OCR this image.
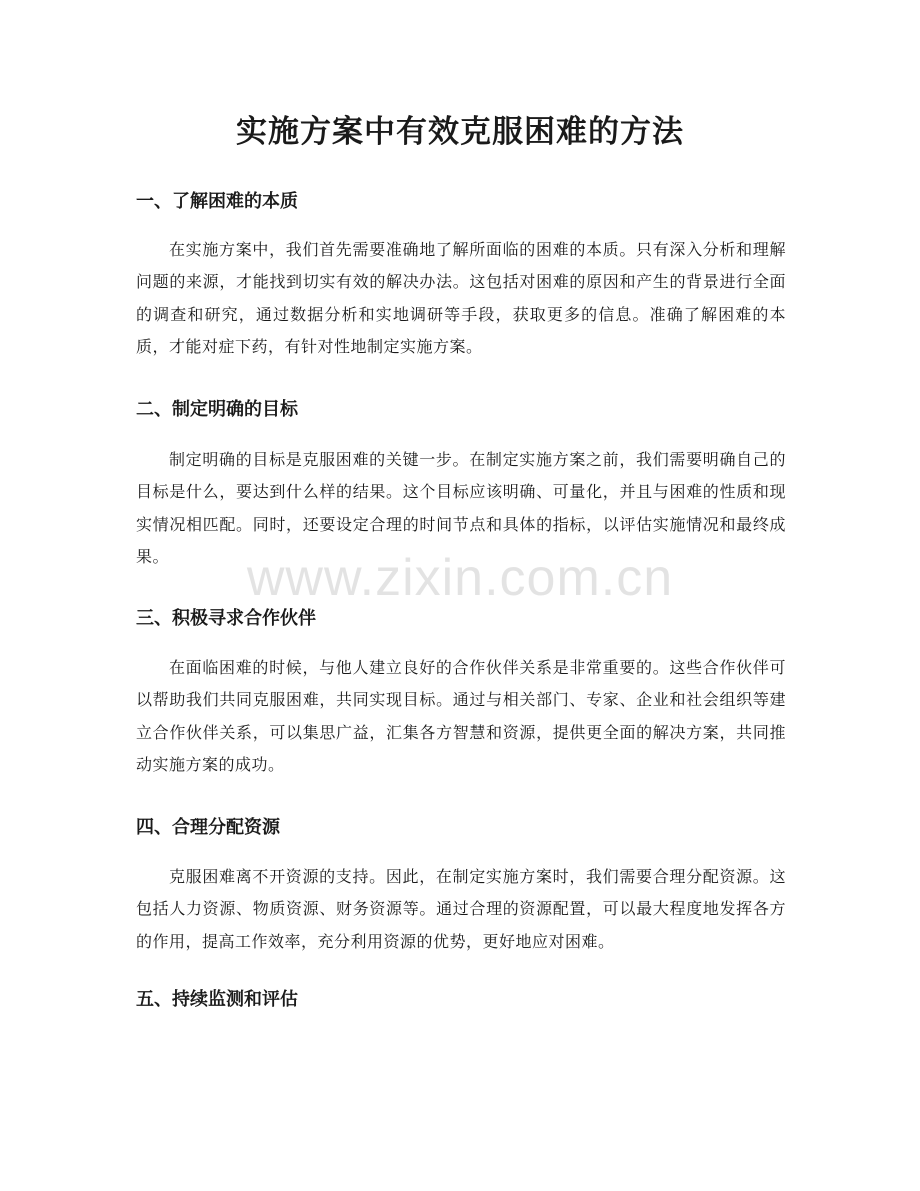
实施方案中有效克服困难的方法
一、了解困难的本质

在实施方案中，我们首先需要准确地了解所面临的困难的本质。只有深入分析和理解问题的来源，才能找到切实有效的解决办法。这包括对困难的原因和产生的背景进行全面的调查和研究，通过数据分析和实地调研等手段，获取更多的信息。准确了解困难的本质，才能对症下药，有针对性地制定实施方案。

二、制定明确的目标

制定明确的目标是克服困难的关键一步。在制定实施方案之前，我们需要明确自己的目标是什么，要达到什么样的结果。这个目标应该明确、可量化，并且与困难的性质和现实情况相匹配。同时，还要设定合理的时间节点和具体的指标，以评估实施情况和最终成果。

三、积极寻求合作伙伴

在面临困难的时候，与他人建立良好的合作伙伴关系是非常重要的。这些合作伙伴可以帮助我们共同克服困难，共同实现目标。通过与相关部门、专家、企业和社会组织等建立合作伙伴关系，可以集思广益，汇集各方智慧和资源，提供更全面的解决方案，共同推动实施方案的成功。

四、合理分配资源

克服困难离不开资源的支持。因此，在制定实施方案时，我们需要合理分配资源。这包括人力资源、物质资源、财务资源等。通过合理的资源配置，可以最大程度地发挥各方的作用，提高工作效率，充分利用资源的优势，更好地应对困难。

五、持续监测和评估
www.zixin.com.cn
